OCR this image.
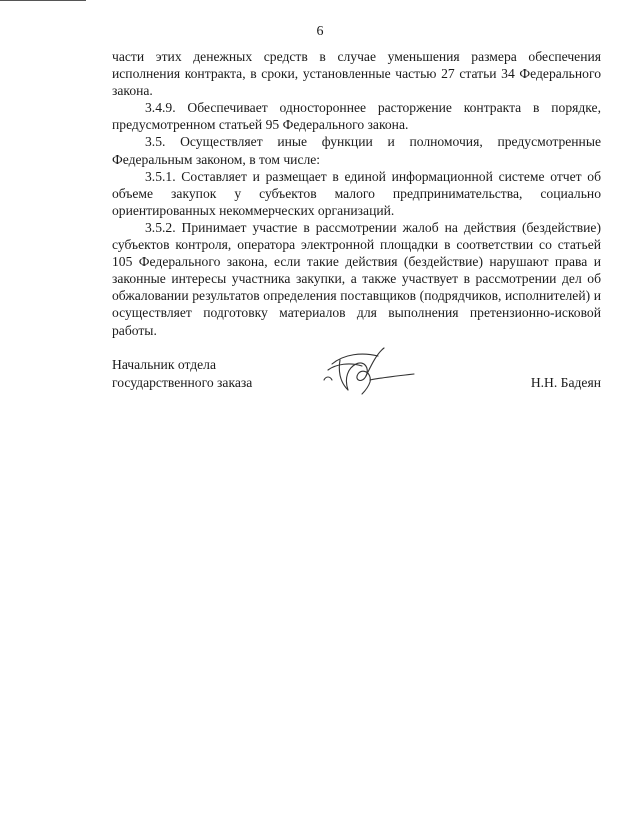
6

части этих денежных средств в случае уменьшения размера обеспечения исполнения контракта, в сроки, установленные частью 27 статьи 34 Федерального закона.

3.4.9. Обеспечивает одностороннее расторжение контракта в порядке, предусмотренном статьей 95 Федерального закона.

3.5. Осуществляет иные функции и полномочия, предусмотренные Федеральным законом, в том числе:

3.5.1. Составляет и размещает в единой информационной системе отчет об объеме закупок у субъектов малого предпринимательства, социально ориентированных некоммерческих организаций.

3.5.2. Принимает участие в рассмотрении жалоб на действия (бездействие) субъектов контроля, оператора электронной площадки в соответствии со статьей 105 Федерального закона, если такие действия (бездействие) нарушают права и законные интересы участника закупки, а также участвует в рассмотрении дел об обжаловании результатов определения поставщиков (подрядчиков, исполнителей) и осуществляет подготовку материалов для выполнения претензионно-исковой работы.

Начальник отдела
государственного заказа	Н.Н. Бадеян
